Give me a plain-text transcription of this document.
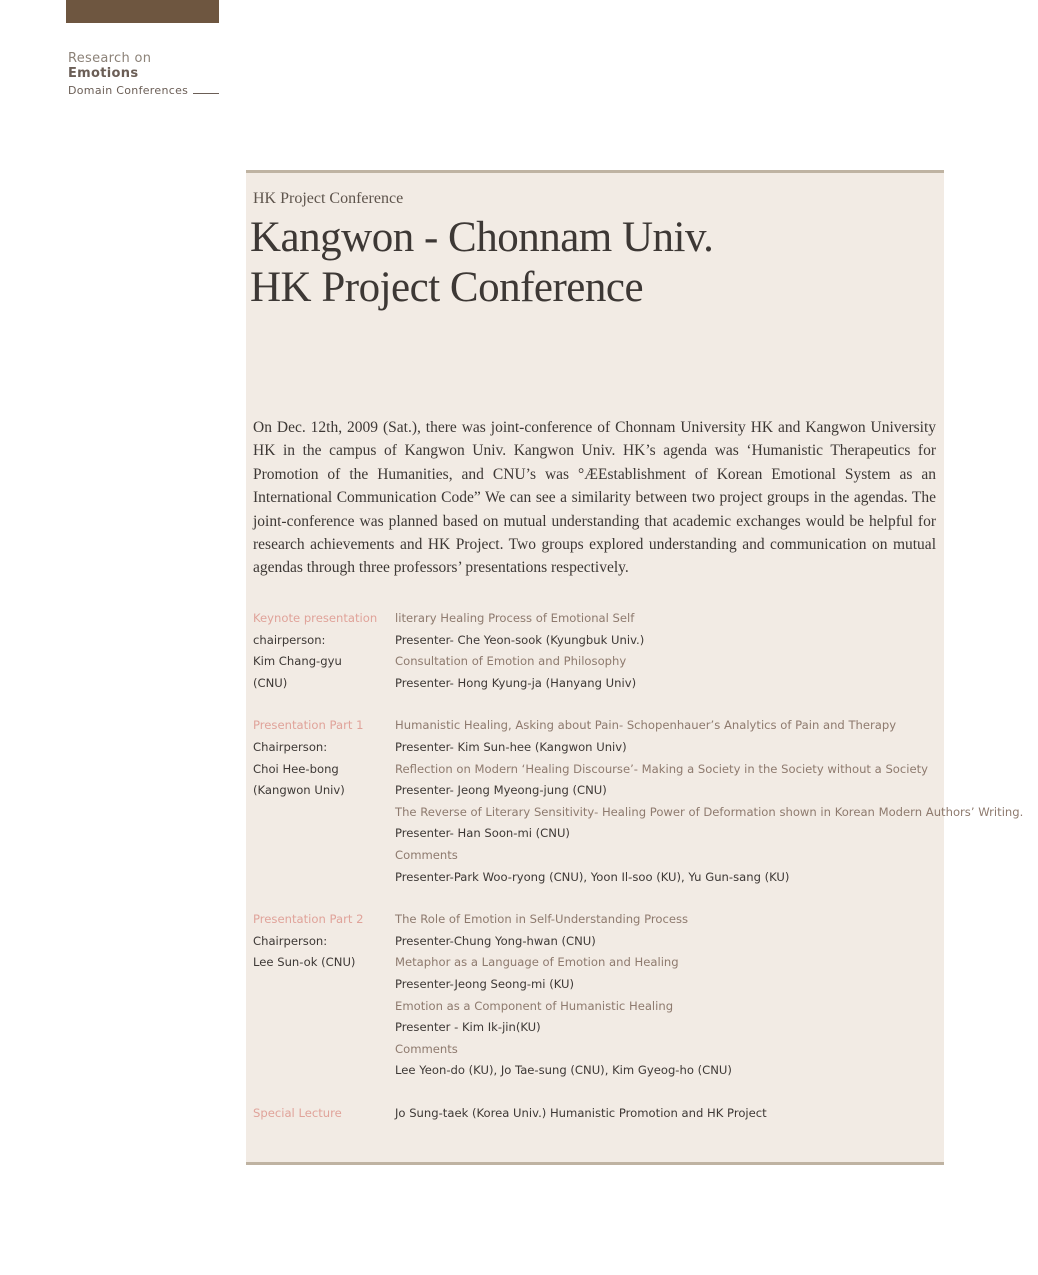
Research on Emotions
Domain Conferences
HK Project Conference
Kangwon - Chonnam Univ.
HK Project Conference

On Dec. 12th, 2009 (Sat.), there was joint-conference of Chonnam University HK and Kangwon University HK in the campus of Kangwon Univ. Kangwon Univ. HK’s agenda was ‘Humanistic Therapeutics for Promotion of the Humanities, and CNU’s was °ÆEstablishment of Korean Emotional System as an International Communication Code” We can see a similarity between two project groups in the agendas. The joint-conference was planned based on mutual understanding that academic exchanges would be helpful for research achievements and HK Project. Two groups explored understanding and communication on mutual agendas through three professors’ presentations respectively.

Keynote presentation
chairperson:
Kim Chang-gyu
(CNU)
literary Healing Process of Emotional Self
Presenter- Che Yeon-sook (Kyungbuk Univ.)
Consultation of Emotion and Philosophy
Presenter- Hong Kyung-ja (Hanyang Univ)
Presentation Part 1
Chairperson:
Choi Hee-bong
(Kangwon Univ)
Humanistic Healing, Asking about Pain- Schopenhauer’s Analytics of Pain and Therapy
Presenter- Kim Sun-hee (Kangwon Univ)
Reflection on Modern ‘Healing Discourse’- Making a Society in the Society without a Society
Presenter- Jeong Myeong-jung (CNU)
The Reverse of Literary Sensitivity- Healing Power of Deformation shown in Korean Modern Authors’ Writing.
Presenter- Han Soon-mi (CNU)
Comments
Presenter-Park Woo-ryong (CNU), Yoon Il-soo (KU), Yu Gun-sang (KU)
Presentation Part 2
Chairperson:
Lee Sun-ok (CNU)
The Role of Emotion in Self-Understanding Process
Presenter-Chung Yong-hwan (CNU)
Metaphor as a Language of Emotion and Healing
Presenter-Jeong Seong-mi (KU)
Emotion as a Component of Humanistic Healing
Presenter - Kim Ik-jin(KU)
Comments
Lee Yeon-do (KU), Jo Tae-sung (CNU), Kim Gyeog-ho (CNU)
Special Lecture	Jo Sung-taek (Korea Univ.) Humanistic Promotion and HK Project
